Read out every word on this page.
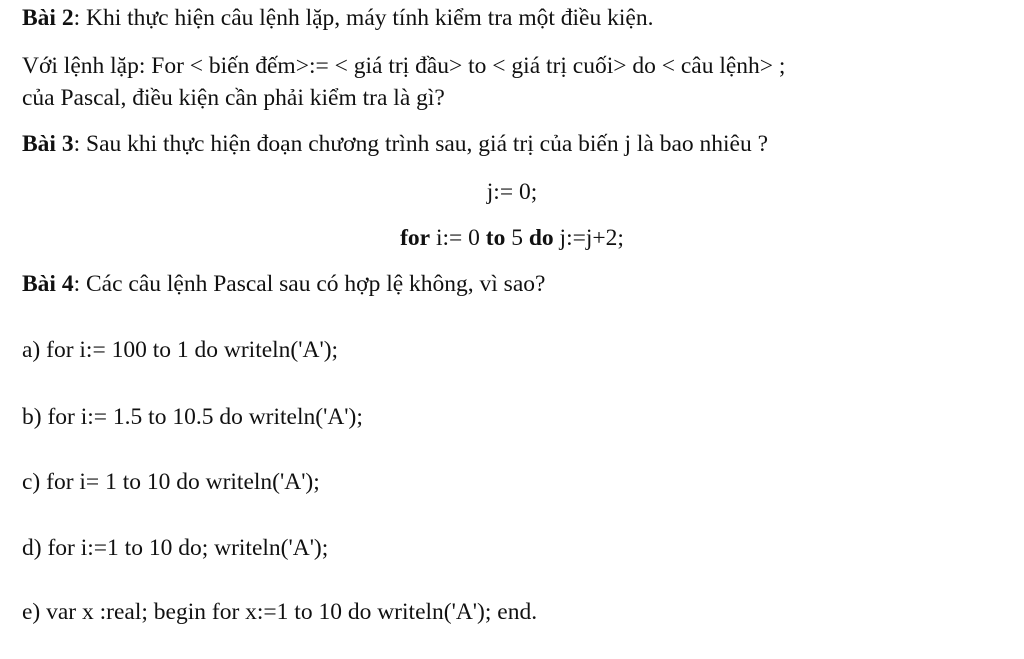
Bài 2: Khi thực hiện câu lệnh lặp, máy tính kiểm tra một điều kiện.

Với lệnh lặp: For < biến đếm>:= < giá trị đầu> to < giá trị cuối> do < câu lệnh> ;

của Pascal, điều kiện cần phải kiểm tra là gì?

Bài 3: Sau khi thực hiện đoạn chương trình sau, giá trị của biến j là bao nhiêu ?

j:= 0;

for i:= 0 to 5 do j:=j+2;

Bài 4: Các câu lệnh Pascal sau có hợp lệ không, vì sao?

a) for i:= 100 to 1 do writeln('A');

b) for i:= 1.5 to 10.5 do writeln('A');

c) for i= 1 to 10 do writeln('A');

d) for i:=1 to 10 do; writeln('A');

e) var x :real; begin for x:=1 to 10 do writeln('A'); end.
